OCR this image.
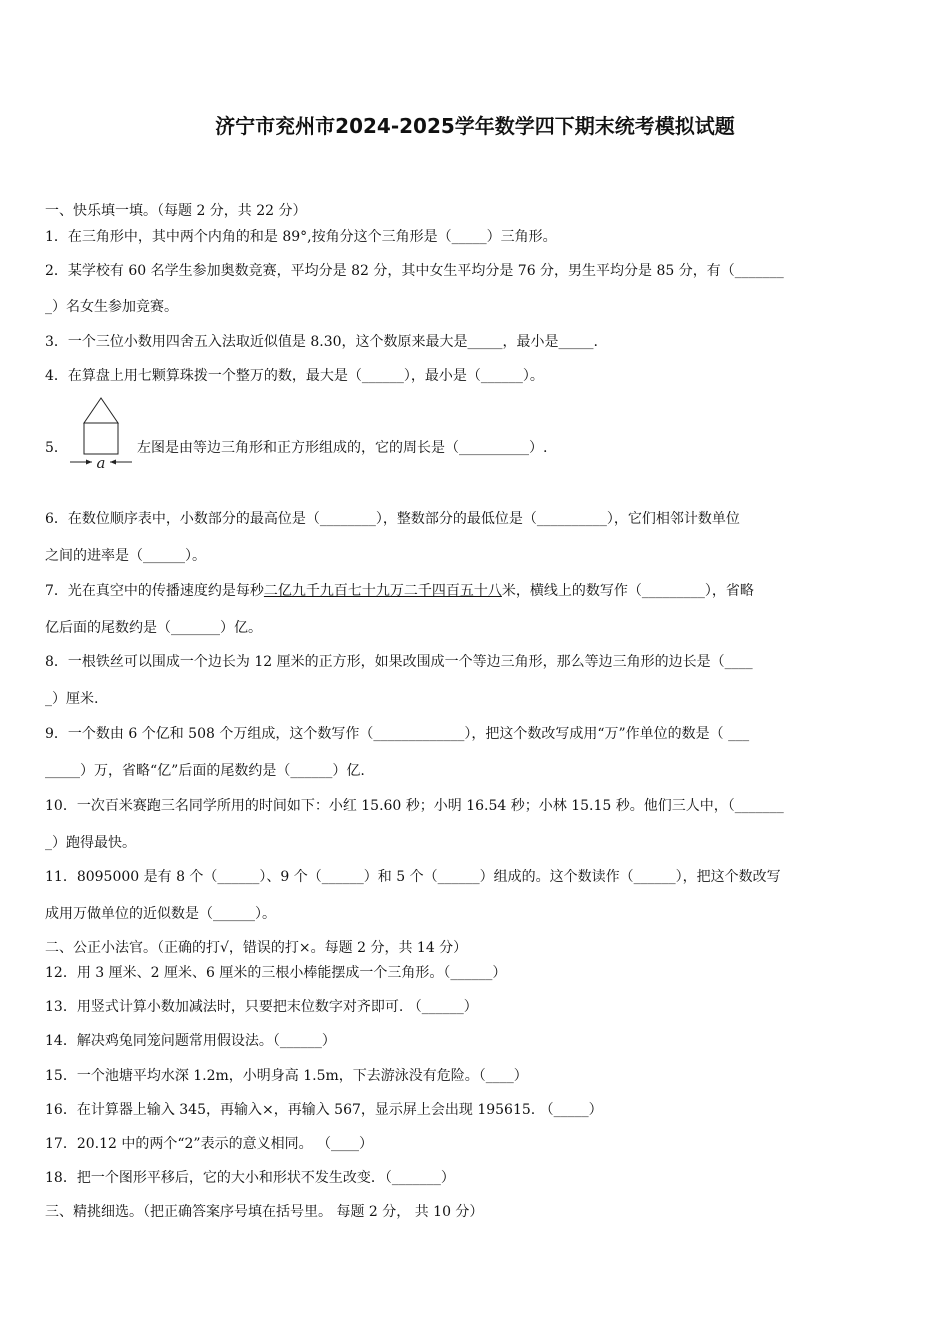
济宁市兖州市2024-2025学年数学四下期末统考模拟试题
一、快乐填一填。（每题 2 分，共 22 分）
1．在三角形中，其中两个内角的和是 89°,按角分这个三角形是（_____）三角形。
2．某学校有 60 名学生参加奥数竞赛，平均分是 82 分，其中女生平均分是 76 分，男生平均分是 85 分，有（_______
_）名女生参加竞赛。
3．一个三位小数用四舍五入法取近似值是 8.30，这个数原来最大是_____，最小是_____.
4．在算盘上用七颗算珠拨一个整万的数，最大是（______），最小是（______）。
5．
a
左图是由等边三角形和正方形组成的，它的周长是（__________）.
6．在数位顺序表中，小数部分的最高位是（________），整数部分的最低位是（__________），它们相邻计数单位
之间的进率是（______）。
7．光在真空中的传播速度约是每秒二亿九千九百七十九万二千四百五十八米，横线上的数写作（_________），省略
亿后面的尾数约是（_______）亿。
8．一根铁丝可以围成一个边长为 12 厘米的正方形，如果改围成一个等边三角形，那么等边三角形的边长是（____
_）厘米.
9．一个数由 6 个亿和 508 个万组成，这个数写作（_____________），把这个数改写成用“万”作单位的数是（ ___
_____）万，省略“亿”后面的尾数约是（______）亿.
10．一次百米赛跑三名同学所用的时间如下：小红 15.60 秒；小明 16.54 秒；小林 15.15 秒。他们三人中，（_______
_）跑得最快。
11．8095000 是有 8 个（______）、9 个（______）和 5 个（______）组成的。这个数读作（______），把这个数改写
成用万做单位的近似数是（______）。
二、公正小法官。（正确的打√，错误的打×。每题 2 分，共 14 分）
12．用 3 厘米、2 厘米、6 厘米的三根小棒能摆成一个三角形。（______）
13．用竖式计算小数加减法时，只要把末位数字对齐即可. （______）
14．解决鸡兔同笼问题常用假设法。（______）
15．一个池塘平均水深 1.2m，小明身高 1.5m，下去游泳没有危险。（____）
16．在计算器上输入 345，再输入×，再输入 567，显示屏上会出现 195615. （_____）
17．20.12 中的两个“2”表示的意义相同。 （____）
18．把一个图形平移后，它的大小和形状不发生改变．（_______）
三、精挑细选。（把正确答案序号填在括号里。 每题 2 分， 共 10 分）
